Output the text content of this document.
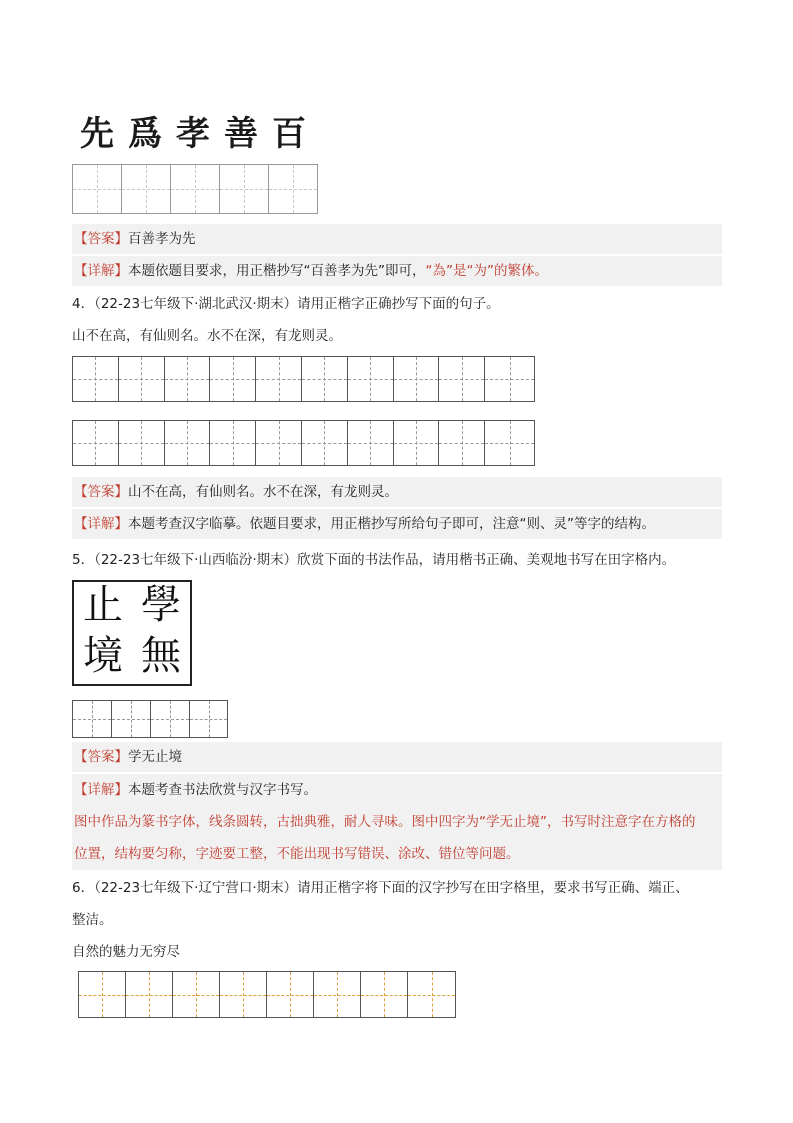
先爲孝善百
【答案】百善孝为先
【详解】本题依题目要求，用正楷抄写“百善孝为先”即可，“為”是“为”的繁体。
4．（22-23七年级下·湖北武汉·期末）请用正楷字正确抄写下面的句子。
山不在高，有仙则名。水不在深，有龙则灵。
【答案】山不在高，有仙则名。水不在深，有龙则灵。
【详解】本题考查汉字临摹。依题目要求，用正楷抄写所给句子即可，注意“则、灵”等字的结构。
5．（22-23七年级下·山西临汾·期末）欣赏下面的书法作品，请用楷书正确、美观地书写在田字格内。
止 學
境 無
【答案】学无止境
【详解】本题考查书法欣赏与汉字书写。
图中作品为篆书字体，线条圆转，古拙典雅，耐人寻味。图中四字为“学无止境”，书写时注意字在方格的
位置，结构要匀称，字迹要工整，不能出现书写错误、涂改、错位等问题。
6．（22-23七年级下·辽宁营口·期末）请用正楷字将下面的汉字抄写在田字格里，要求书写正确、端正、
整洁。
自然的魅力无穷尽
